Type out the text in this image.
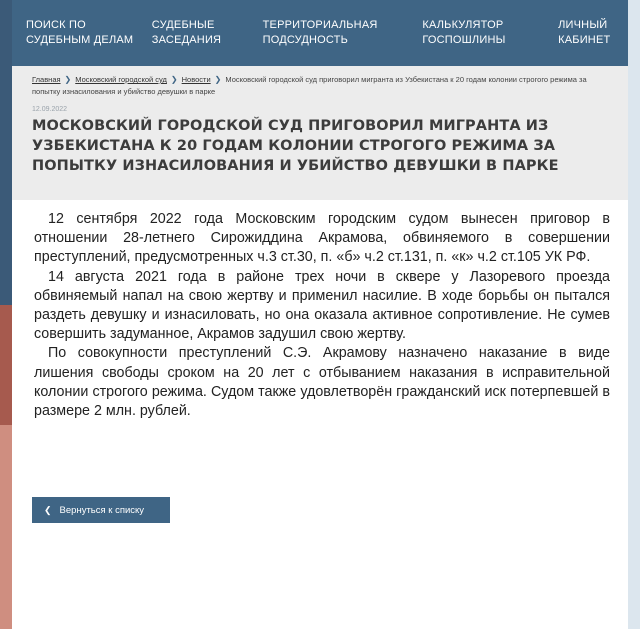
ПОИСК ПО СУДЕБНЫМ ДЕЛАМ
СУДЕБНЫЕ ЗАСЕДАНИЯ
ТЕРРИТОРИАЛЬНАЯ ПОДСУДНОСТЬ
КАЛЬКУЛЯТОР ГОСПОШЛИНЫ
ЛИЧНЫЙ КАБИНЕТ
Главная ❯ Московский городской суд ❯ Новости ❯ Московский городской суд приговорил мигранта из Узбекистана к 20 годам колонии строгого режима за попытку изнасилования и убийство девушки в парке
12.09.2022
МОСКОВСКИЙ ГОРОДСКОЙ СУД ПРИГОВОРИЛ МИГРАНТА ИЗ УЗБЕКИСТАНА К 20 ГОДАМ КОЛОНИИ СТРОГОГО РЕЖИМА ЗА ПОПЫТКУ ИЗНАСИЛОВАНИЯ И УБИЙСТВО ДЕВУШКИ В ПАРКЕ

12 сентября 2022 года Московским городским судом вынесен приговор в отношении 28-летнего Сирожиддина Акрамова, обвиняемого в совершении преступлений, предусмотренных ч.3 ст.30, п. «б» ч.2 ст.131, п. «к» ч.2 ст.105 УК РФ.

14 августа 2021 года в районе трех ночи в сквере у Лазоревого проезда обвиняемый напал на свою жертву и применил насилие. В ходе борьбы он пытался раздеть девушку и изнасиловать, но она оказала активное сопротивление. Не сумев совершить задуманное, Акрамов задушил свою жертву.

По совокупности преступлений С.Э. Акрамову назначено наказание в виде лишения свободы сроком на 20 лет с отбыванием наказания в исправительной колонии строгого режима. Судом также удовлетворён гражданский иск потерпевшей в размере 2 млн. рублей.

❮ Вернуться к списку
